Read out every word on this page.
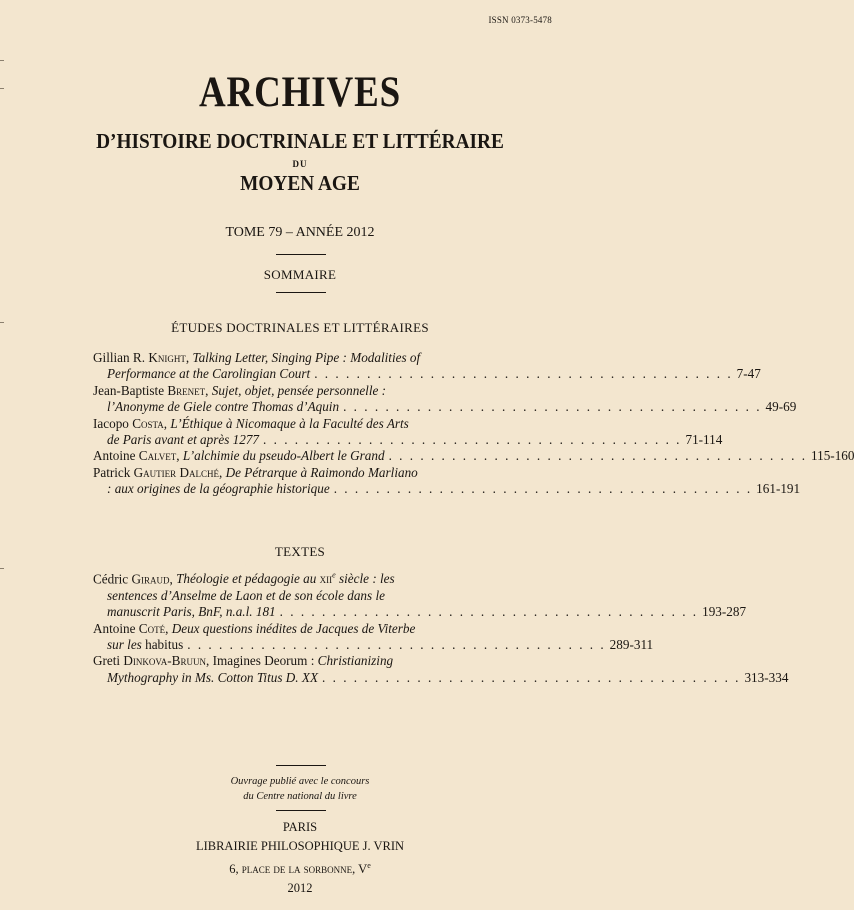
ISSN 0373-5478
ARCHIVES
D’HISTOIRE DOCTRINALE ET LITTÉRAIRE
DU
MOYEN AGE
TOME 79 – ANNÉE 2012
SOMMAIRE
ÉTUDES DOCTRINALES ET LITTÉRAIRES
Gillian R. Knight, Talking Letter, Singing Pipe : Modalities of
Performance at the Carolingian Court . . . . . . . . . . . . . . . . . . . . . . . . . . . . . . . . . . . . . . . . 7-47
Jean-Baptiste Brenet, Sujet, objet, pensée personnelle :
l’Anonyme de Giele contre Thomas d’Aquin . . . . . . . . . . . . . . . . . . . . . . . . . . . . . . . . . . . . . . . . 49-69
Iacopo Costa, L’Éthique à Nicomaque à la Faculté des Arts
de Paris avant et après 1277 . . . . . . . . . . . . . . . . . . . . . . . . . . . . . . . . . . . . . . . . 71-114
Antoine Calvet, L’alchimie du pseudo-Albert le Grand . . . . . . . . . . . . . . . . . . . . . . . . . . . . . . . . . . . . . . . . 115-160
Patrick Gautier Dalché, De Pétrarque à Raimondo Marliano
: aux origines de la géographie historique . . . . . . . . . . . . . . . . . . . . . . . . . . . . . . . . . . . . . . . . 161-191
TEXTES
Cédric Giraud, Théologie et pédagogie au xii$^e$ siècle : les
sentences d’Anselme de Laon et de son école dans le
manuscrit Paris, BnF, n.a.l. 181 . . . . . . . . . . . . . . . . . . . . . . . . . . . . . . . . . . . . . . . . 193-287
Antoine Coté, Deux questions inédites de Jacques de Viterbe
sur les habitus . . . . . . . . . . . . . . . . . . . . . . . . . . . . . . . . . . . . . . . . 289-311
Greti Dinkova-Bruun, Imagines Deorum : Christianizing
Mythography in Ms. Cotton Titus D. XX . . . . . . . . . . . . . . . . . . . . . . . . . . . . . . . . . . . . . . . . 313-334
Ouvrage publié avec le concours
du Centre national du livre
PARIS
LIBRAIRIE PHILOSOPHIQUE J. VRIN
6, place de la sorbonne, Ve
2012
